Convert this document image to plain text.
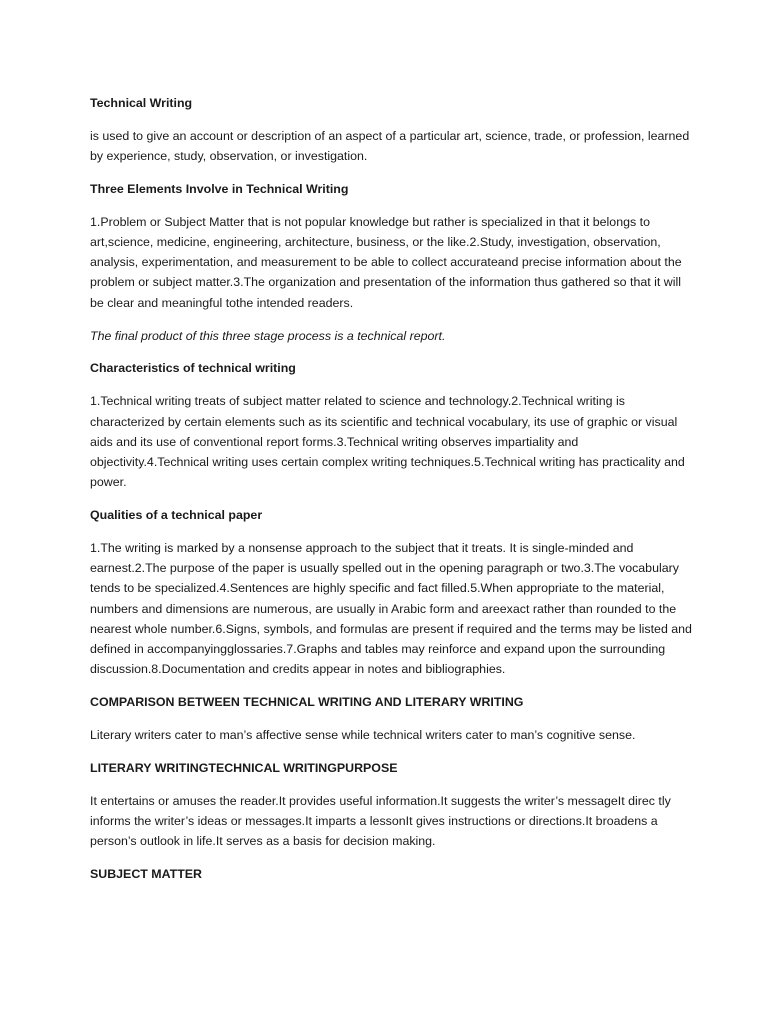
Technical Writing

is used to give an account or description of an aspect of a particular art, science, trade, or profession, learned by experience, study, observation, or investigation.

Three Elements Involve in Technical Writing

1.Problem or Subject Matter that is not popular knowledge but rather is specialized in that it belongs to art,science, medicine, engineering, architecture, business, or the like.2.Study, investigation, observation, analysis, experimentation, and measurement to be able to collect accurateand precise information about the problem or subject matter.3.The organization and presentation of the information thus gathered so that it will be clear and meaningful tothe intended readers.

The final product of this three stage process is a technical report.

Characteristics of technical writing

1.Technical writing treats of subject matter related to science and technology.2.Technical writing is characterized by certain elements such as its scientific and technical vocabulary, its use of graphic or visual aids and its use of conventional report forms.3.Technical writing observes impartiality and objectivity.4.Technical writing uses certain complex writing techniques.5.Technical writing has practicality and power.

Qualities of a technical paper

1.The writing is marked by a nonsense approach to the subject that it treats. It is single-minded and earnest.2.The purpose of the paper is usually spelled out in the opening paragraph or two.3.The vocabulary tends to be specialized.4.Sentences are highly specific and fact filled.5.When appropriate to the material, numbers and dimensions are numerous, are usually in Arabic form and areexact rather than rounded to the nearest whole number.6.Signs, symbols, and formulas are present if required and the terms may be listed and defined in accompanyingglossaries.7.Graphs and tables may reinforce and expand upon the surrounding discussion.8.Documentation and credits appear in notes and bibliographies.

COMPARISON BETWEEN TECHNICAL WRITING AND LITERARY WRITING

Literary writers cater to man’s affective sense while technical writers cater to man’s cognitive sense.

LITERARY WRITINGTECHNICAL WRITINGPURPOSE

It entertains or amuses the reader.It provides useful information.It suggests the writer’s messageIt direc tly informs the writer’s ideas or messages.It imparts a lessonIt gives instructions or directions.It broadens a person’s outlook in life.It serves as a basis for decision making.

SUBJECT MATTER
